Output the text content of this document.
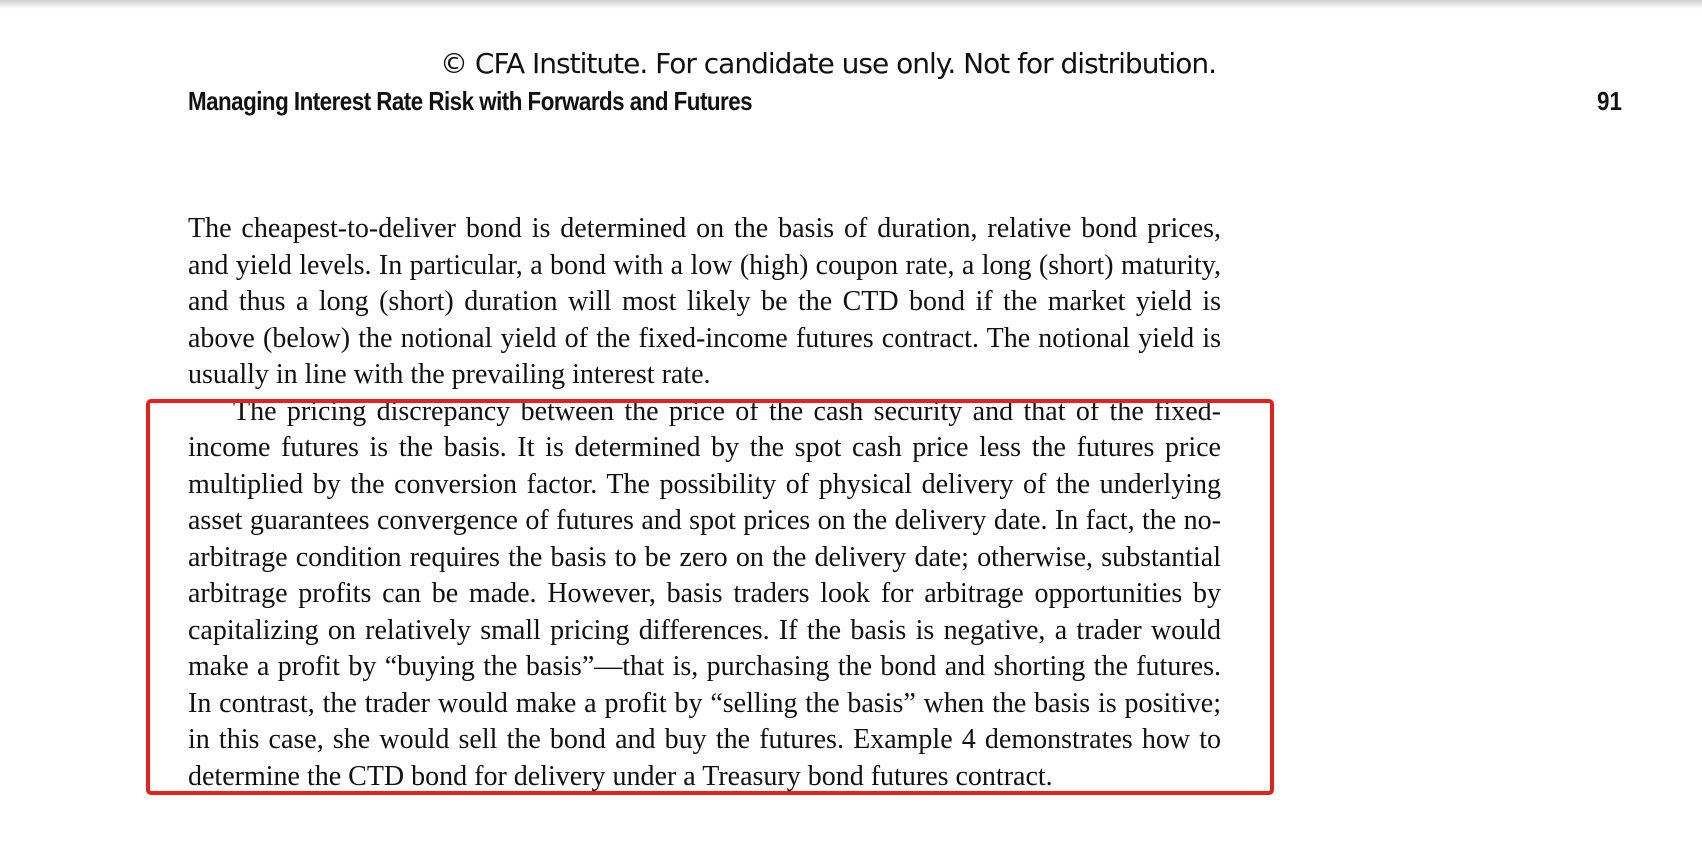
© CFA Institute. For candidate use only. Not for distribution.
Managing Interest Rate Risk with Forwards and Futures	91

The cheapest-to-deliver bond is determined on the basis of duration, relative bond prices, and yield levels. In particular, a bond with a low (high) coupon rate, a long (short) maturity, and thus a long (short) duration will most likely be the CTD bond if the market yield is above (below) the notional yield of the fixed-income futures contract. The notional yield is usually in line with the prevailing interest rate.

The pricing discrepancy between the price of the cash security and that of the fixed-income futures is the basis. It is determined by the spot cash price less the futures price multiplied by the conversion factor. The possibility of physical delivery of the underlying asset guarantees convergence of futures and spot prices on the delivery date. In fact, the no-arbitrage condition requires the basis to be zero on the delivery date; otherwise, substantial arbitrage profits can be made. However, basis traders look for arbitrage opportunities by capitalizing on relatively small pricing differences. If the basis is negative, a trader would make a profit by “buying the basis”—that is, purchasing the bond and shorting the futures. In contrast, the trader would make a profit by “selling the basis” when the basis is positive; in this case, she would sell the bond and buy the futures. Example 4 demonstrates how to determine the CTD bond for delivery under a Treasury bond futures contract.
